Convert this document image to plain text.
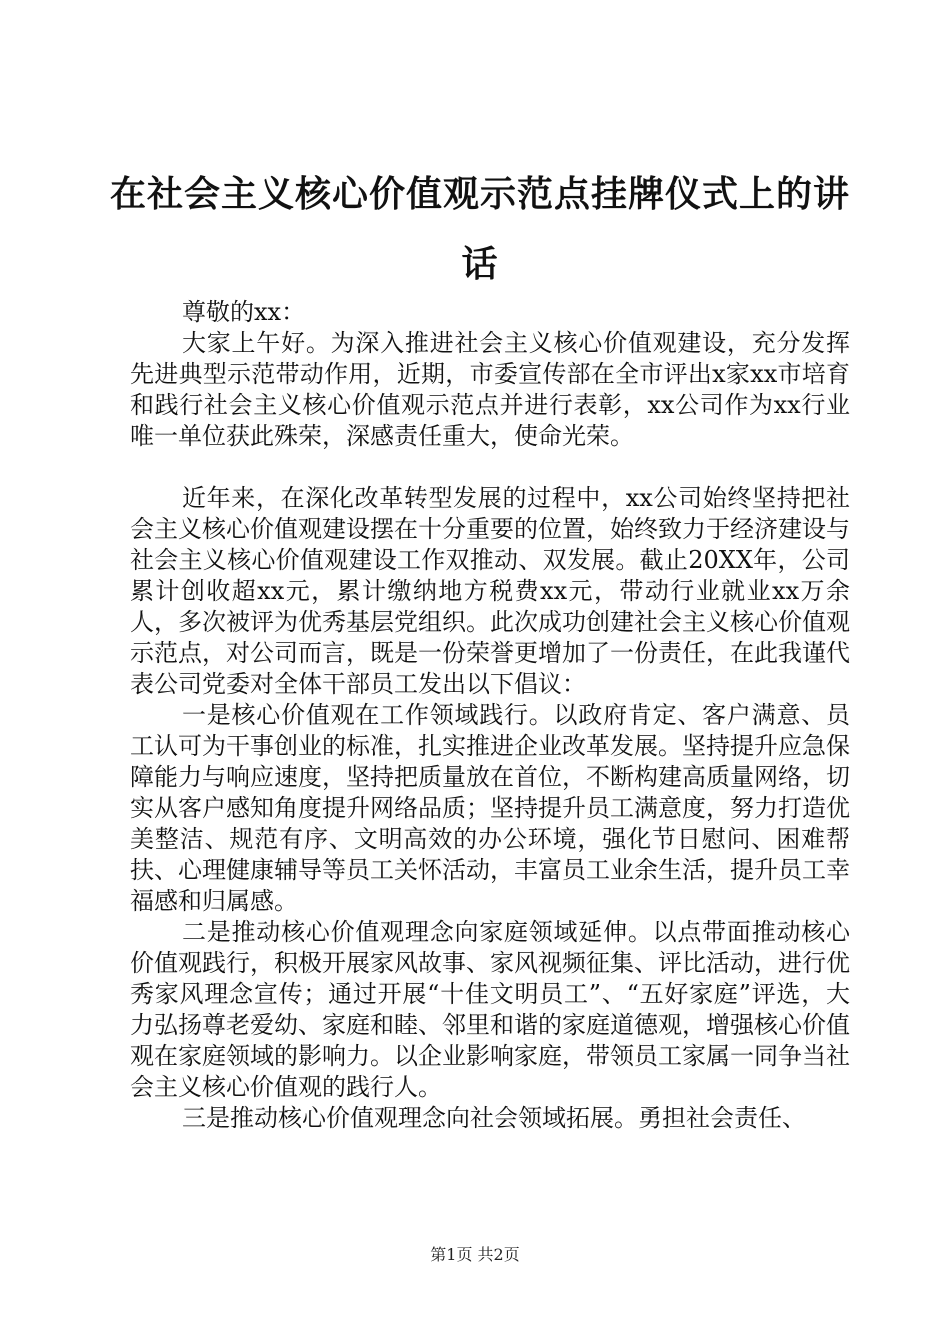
在社会主义核心价值观示范点挂牌仪式上的讲话

尊敬的xx：

大家上午好。为深入推进社会主义核心价值观建设，充分发挥先进典型示范带动作用，近期，市委宣传部在全市评出x家xx市培育和践行社会主义核心价值观示范点并进行表彰，xx公司作为xx行业唯一单位获此殊荣，深感责任重大，使命光荣。

近年来，在深化改革转型发展的过程中，xx公司始终坚持把社会主义核心价值观建设摆在十分重要的位置，始终致力于经济建设与社会主义核心价值观建设工作双推动、双发展。截止20XX年，公司累计创收超xx元，累计缴纳地方税费xx元，带动行业就业xx万余人，多次被评为优秀基层党组织。此次成功创建社会主义核心价值观示范点，对公司而言，既是一份荣誉更增加了一份责任，在此我谨代表公司党委对全体干部员工发出以下倡议：

一是核心价值观在工作领域践行。以政府肯定、客户满意、员工认可为干事创业的标准，扎实推进企业改革发展。坚持提升应急保障能力与响应速度，坚持把质量放在首位，不断构建高质量网络，切实从客户感知角度提升网络品质；坚持提升员工满意度，努力打造优美整洁、规范有序、文明高效的办公环境，强化节日慰问、困难帮扶、心理健康辅导等员工关怀活动，丰富员工业余生活，提升员工幸福感和归属感。

二是推动核心价值观理念向家庭领域延伸。以点带面推动核心价值观践行，积极开展家风故事、家风视频征集、评比活动，进行优秀家风理念宣传；通过开展“十佳文明员工”、“五好家庭”评选，大力弘扬尊老爱幼、家庭和睦、邻里和谐的家庭道德观，增强核心价值观在家庭领域的影响力。以企业影响家庭，带领员工家属一同争当社会主义核心价值观的践行人。

三是推动核心价值观理念向社会领域拓展。勇担社会责任、

第1页 共2页
